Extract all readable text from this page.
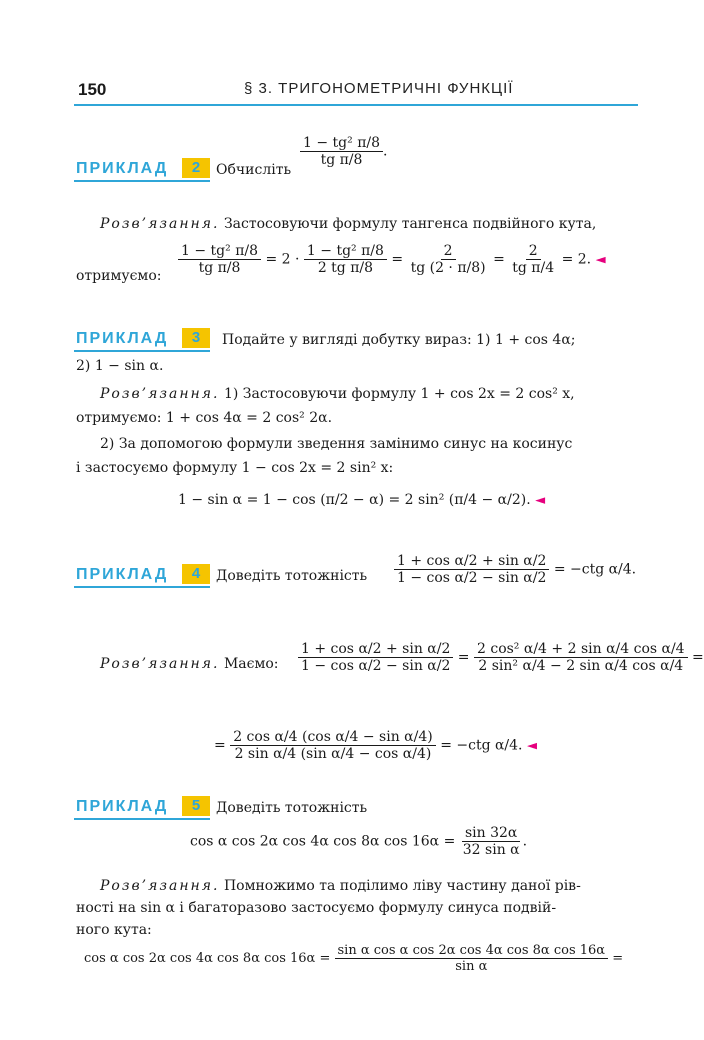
150	§ 3. ТРИГОНОМЕТРИЧНІ ФУНКЦІЇ
ПРИКЛАД	2	Обчисліть
$\frac{\text{1 − tg² π/8}}{\text{tg π/8}}$ .
Розв’язання. Застосовуючи формулу тангенса подвійного кута,
отримуємо: $\frac{\text{1 − tg² π/8}}{\text{tg π/8}} = 2 \cdot \frac{\text{1 − tg² π/8}}{\text{2 tg π/8}} = \frac{2}{tg (2 \cdot \pi/8)} = \frac{2}{\text{tg π/4}} = 2$. ◄
ПРИКЛАД	3	Подайте у вигляді добутку вираз: 1) 1 + cos 4α;
2) 1 − sin α.
Розв’язання. 1) Застосовуючи формулу 1 + cos 2x = 2 cos² x,
отримуємо: 1 + cos 4α = 2 cos² 2α.
2) За допомогою формули зведення замінимо синус на косинус
і застосуємо формулу 1 − cos 2x = 2 sin² x:
1 − sin α = 1 − cos (π/2 − α) = 2 sin² (π/4 − α/2). ◄
ПРИКЛАД	4	Доведіть тотожність $\frac{\text{1 + cos α/2 + sin α/2}}{\text{1 − cos α/2 − sin α/2}} = -ctg$ α/4.
Розв’язання. Маємо: $\frac{\text{1 + cos α/2 + sin α/2}}{\text{1 − cos α/2 − sin α/2}} = \frac{\text{2 cos² α/4 + 2 sin α/4 cos α/4}}{\text{2 sin² α/4 − 2 sin α/4 cos α/4}}$ =
= $\frac{\text{2 cos α/4 (cos α/4 − sin α/4)}}{\text{2 sin α/4 (sin α/4 − cos α/4)}} = -ctg$ α/4. ◄
ПРИКЛАД	5	Доведіть тотожність
cos α cos 2α cos 4α cos 8α $\cos 16\alpha = \frac{\sin 32\alpha}{\text{32 sin α}}$ .
Розв’язання. Помножимо та поділимо ліву частину даної рів-
ності на sin α і багаторазово застосуємо формулу синуса подвій-
ного кута:
cos α cos 2α cos 4α cos 8α $\cos 16\alpha = \frac{\text{sin α cos α cos 2α cos 4α cos 8α cos 16α}}{\text{sin α}}$ =
